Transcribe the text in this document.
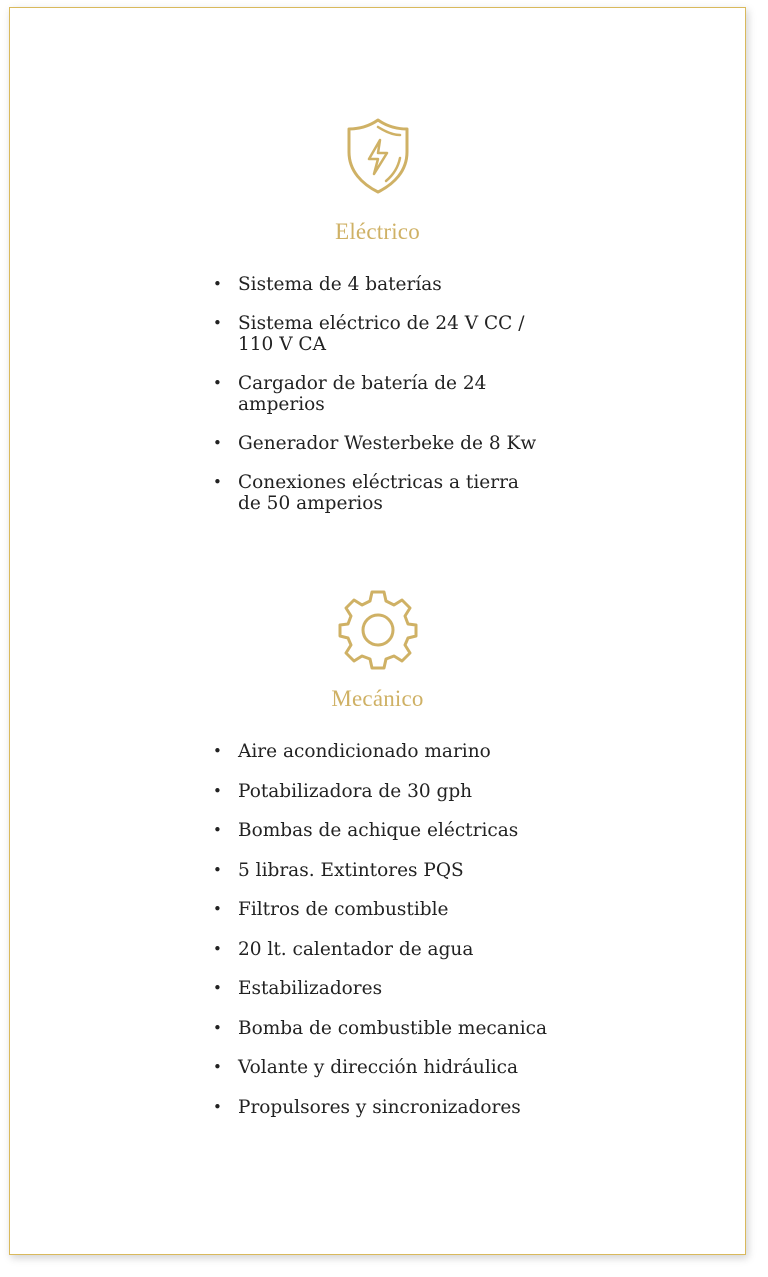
Eléctrico
• Sistema de 4 baterías
• Sistema eléctrico de 24 V CC / 110 V CA
• Cargador de batería de 24 amperios
• Generador Westerbeke de 8 Kw
• Conexiones eléctricas a tierra de 50 amperios
Mecánico
• Aire acondicionado marino
• Potabilizadora de 30 gph
• Bombas de achique eléctricas
• 5 libras. Extintores PQS
• Filtros de combustible
• 20 lt. calentador de agua
• Estabilizadores
• Bomba de combustible mecanica
• Volante y dirección hidráulica
• Propulsores y sincronizadores
